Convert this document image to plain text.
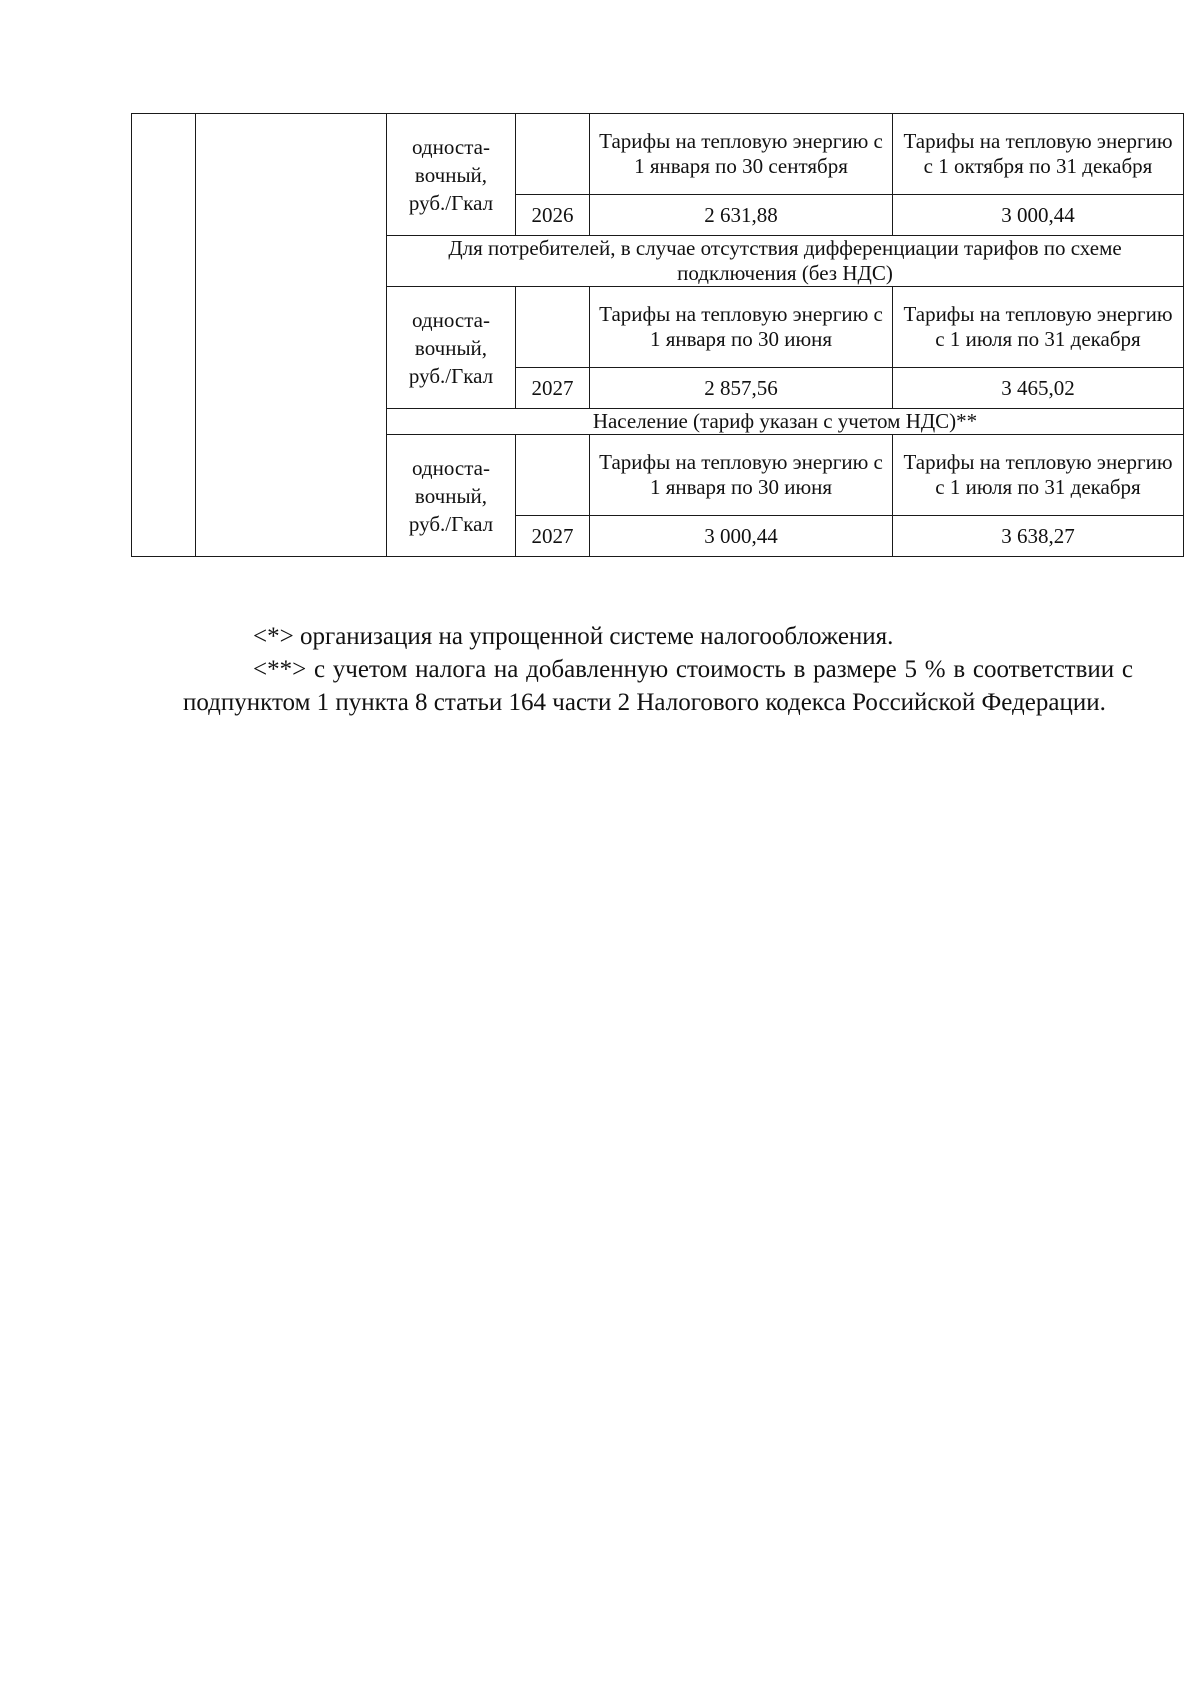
		односта-
вочный,
руб./Гкал		Тарифы на тепловую энергию с 1 января по 30 сентября	Тарифы на тепловую энергию с 1 октября по 31 декабря
			2026	2 631,88	3 000,44
		Для потребителей, в случае отсутствия дифференциации тарифов по схеме подключения (без НДС)			
		односта-
вочный,
руб./Гкал		Тарифы на тепловую энергию с 1 января по 30 июня	Тарифы на тепловую энергию с 1 июля по 31 декабря
			2027	2 857,56	3 465,02
		Население (тариф указан с учетом НДС)**			
		односта-
вочный,
руб./Гкал		Тарифы на тепловую энергию с 1 января по 30 июня	Тарифы на тепловую энергию с 1 июля по 31 декабря
			2027	3 000,44	3 638,27

<*> организация на упрощенной системе налогообложения.

<**> с учетом налога на добавленную стоимость в размере 5 % в соответствии с подпунктом 1 пункта 8 статьи 164 части 2 Налогового кодекса Российской Федерации.
